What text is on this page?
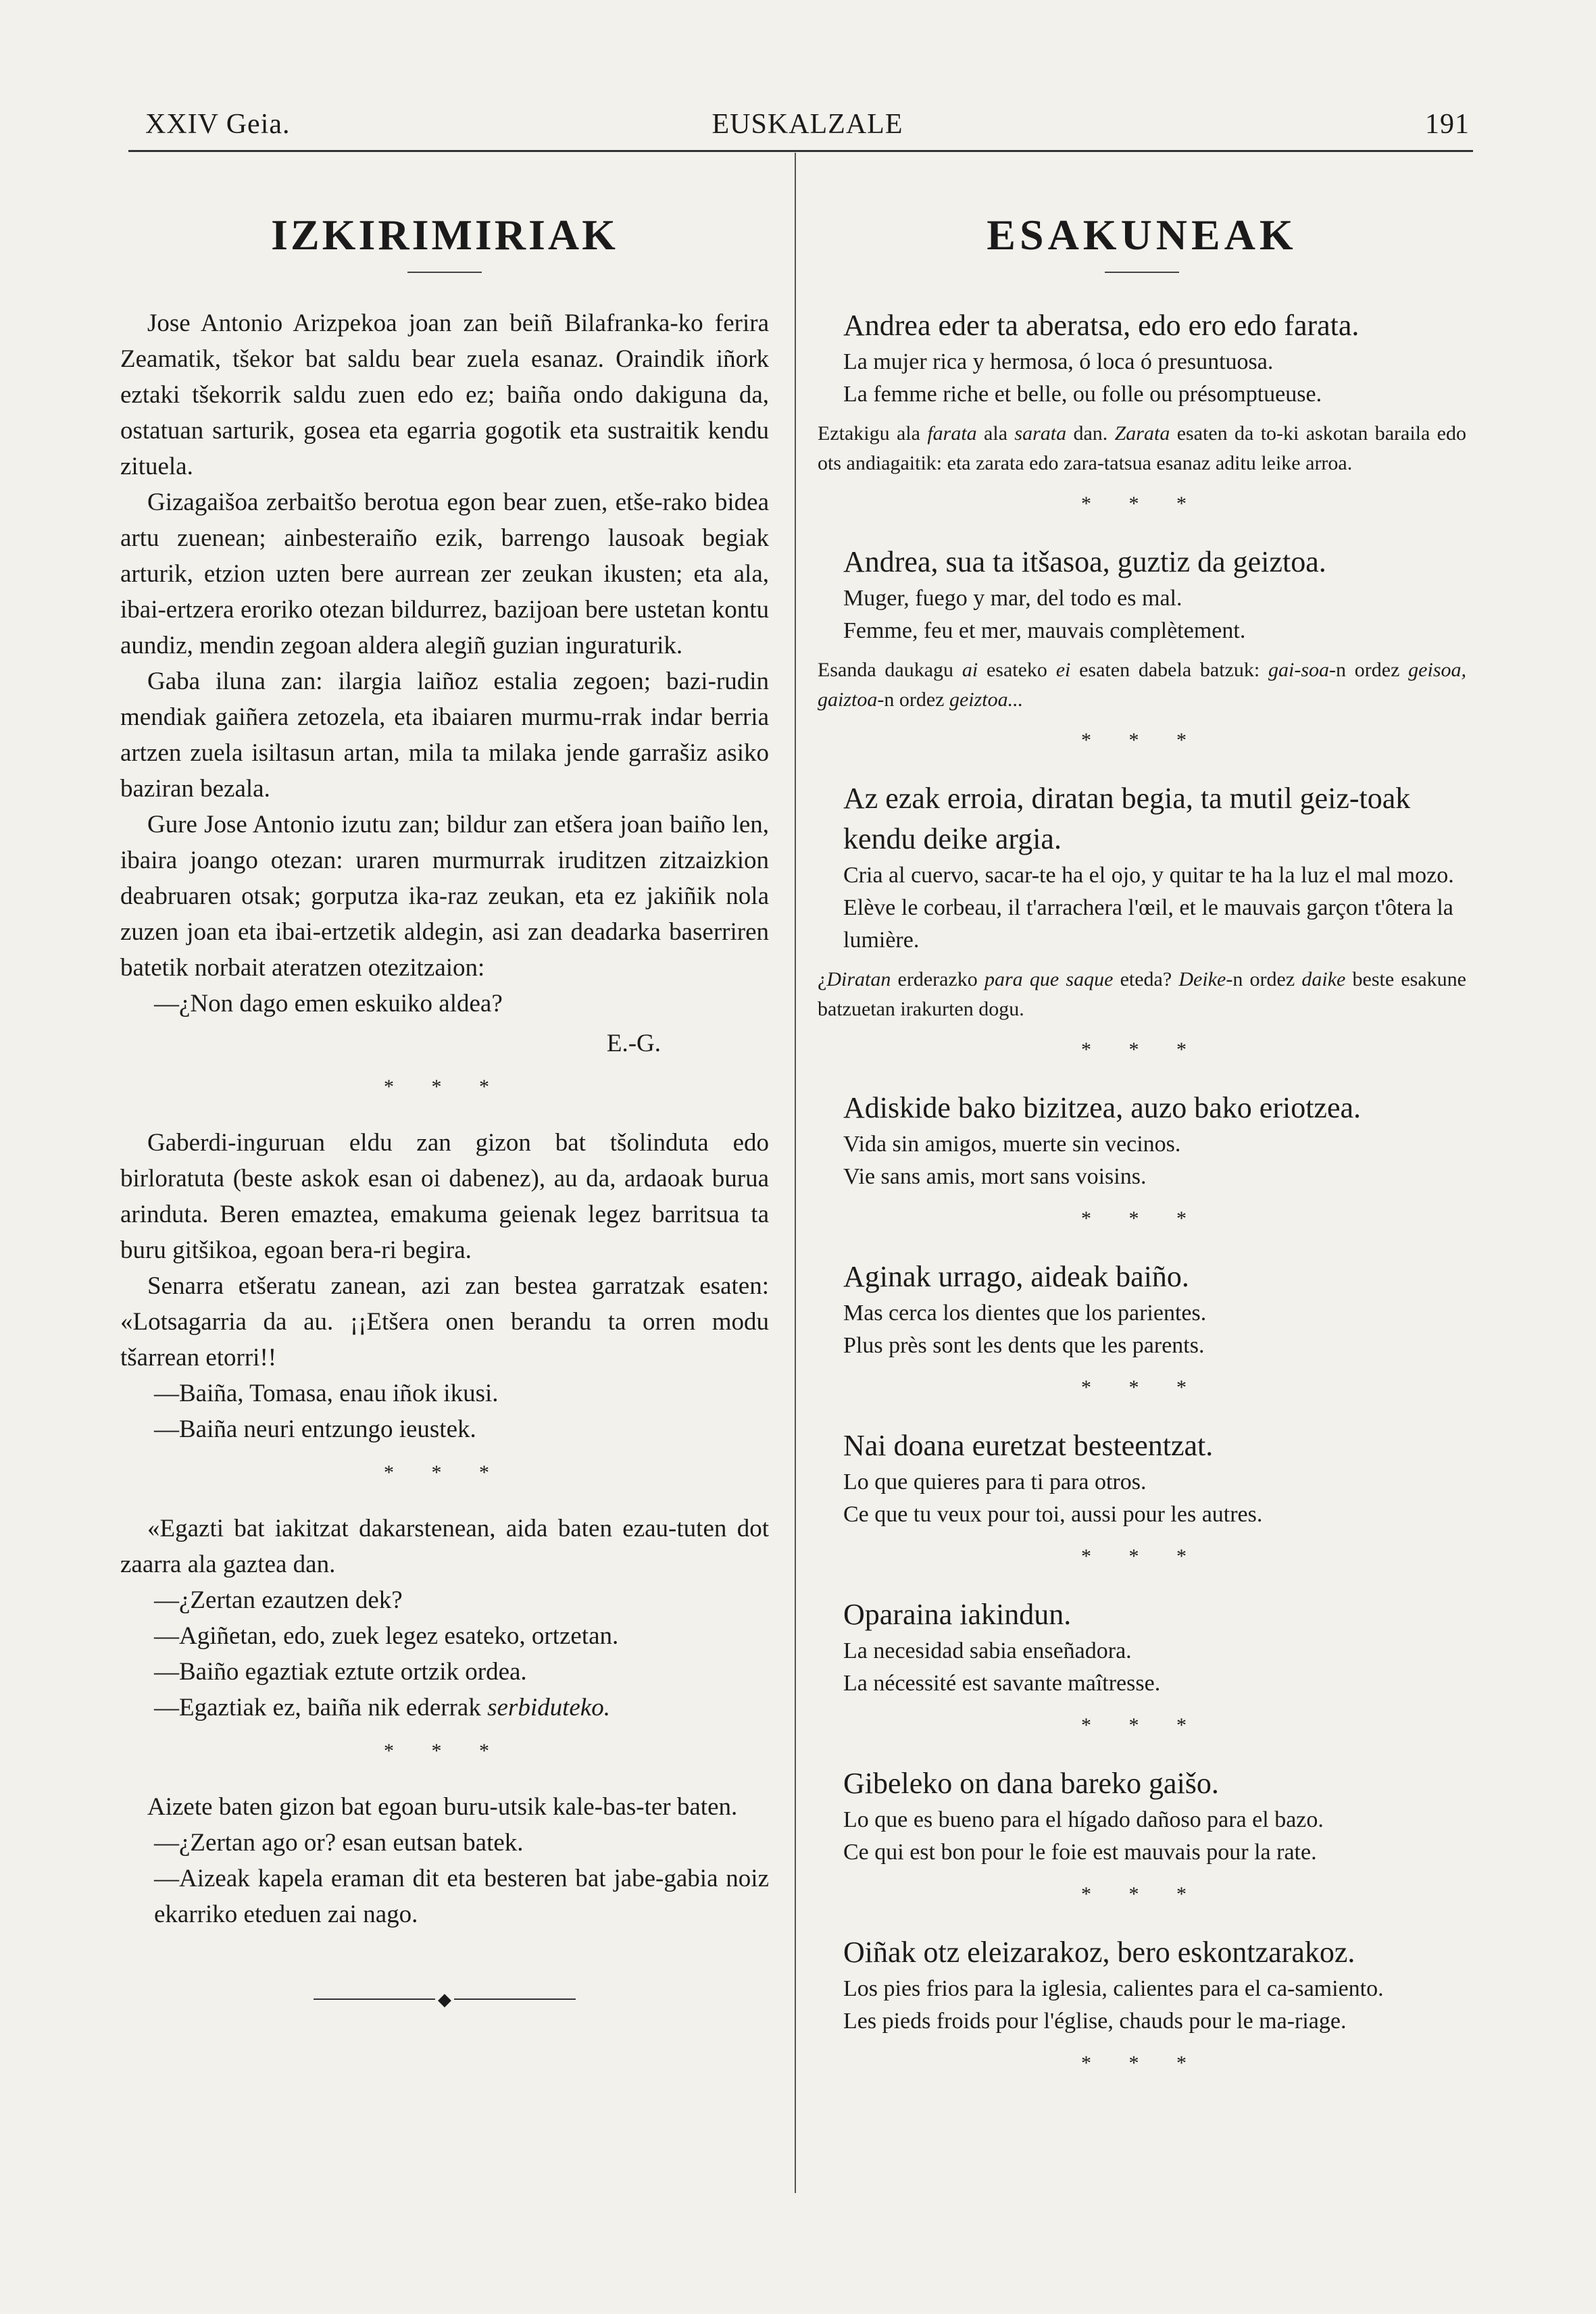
XXIV Geia.	EUSKALZALE	191
IZKIRIMIRIAK

Jose Antonio Arizpekoa joan zan beiñ Bilafranka-ko ferira Zeamatik, tšekor bat saldu bear zuela esanaz. Oraindik iñork eztaki tšekorrik saldu zuen edo ez; baiña ondo dakiguna da, ostatuan sarturik, gosea eta egarria gogotik eta sustraitik kendu zituela.

Gizagaišoa zerbaitšo berotua egon bear zuen, etše-rako bidea artu zuenean; ainbesteraiño ezik, barrengo lausoak begiak arturik, etzion uzten bere aurrean zer zeukan ikusten; eta ala, ibai-ertzera eroriko otezan bildurrez, bazijoan bere ustetan kontu aundiz, mendin zegoan aldera alegiñ guzian inguraturik.

Gaba iluna zan: ilargia laiñoz estalia zegoen; bazi-rudin mendiak gaiñera zetozela, eta ibaiaren murmu-rrak indar berria artzen zuela isiltasun artan, mila ta milaka jende garrašiz asiko baziran bezala.

Gure Jose Antonio izutu zan; bildur zan etšera joan baiño len, ibaira joango otezan: uraren murmurrak iruditzen zitzaizkion deabruaren otsak; gorputza ika-raz zeukan, eta ez jakiñik nola zuzen joan eta ibai-ertzetik aldegin, asi zan deadarka baserriren batetik norbait ateratzen otezitzaion:

—¿Non dago emen eskuiko aldea?

E.-G.

* * *

Gaberdi-inguruan eldu zan gizon bat tšolinduta edo birloratuta (beste askok esan oi dabenez), au da, ardaoak burua arinduta. Beren emaztea, emakuma geienak legez barritsua ta buru gitšikoa, egoan bera-ri begira.

Senarra etšeratu zanean, azi zan bestea garratzak esaten: «Lotsagarria da au. ¡¡Etšera onen berandu ta orren modu tšarrean etorri!!

—Baiña, Tomasa, enau iñok ikusi.

—Baiña neuri entzungo ieustek.

* * *

«Egazti bat iakitzat dakarstenean, aida baten ezau-tuten dot zaarra ala gaztea dan.

—¿Zertan ezautzen dek?

—Agiñetan, edo, zuek legez esateko, ortzetan.

—Baiño egaztiak eztute ortzik ordea.

—Egaztiak ez, baiña nik ederrak serbiduteko.

* * *

Aizete baten gizon bat egoan buru-utsik kale-bas-ter baten.

—¿Zertan ago or? esan eutsan batek.

—Aizeak kapela eraman dit eta besteren bat jabe-gabia noiz ekarriko eteduen zai nago.

◆
ESAKUNEAK

Andrea eder ta aberatsa, edo ero edo farata.

La mujer rica y hermosa, ó loca ó presuntuosa.

La femme riche et belle, ou folle ou présomptueuse.

Eztakigu ala farata ala sarata dan. Zarata esaten da to-ki askotan baraila edo ots andiagaitik: eta zarata edo zara-tatsua esanaz aditu leike arroa.

* * *

Andrea, sua ta itšasoa, guztiz da geiztoa.

Muger, fuego y mar, del todo es mal.

Femme, feu et mer, mauvais complètement.

Esanda daukagu ai esateko ei esaten dabela batzuk: gai-soa-n ordez geisoa, gaiztoa-n ordez geiztoa...

* * *

Az ezak erroia, diratan begia, ta mutil geiz-toak kendu deike argia.

Cria al cuervo, sacar-te ha el ojo, y quitar te ha la luz el mal mozo.

Elève le corbeau, il t'arrachera l'œil, et le mauvais garçon t'ôtera la lumière.

¿Diratan erderazko para que saque eteda? Deike-n ordez daike beste esakune batzuetan irakurten dogu.

* * *

Adiskide bako bizitzea, auzo bako eriotzea.

Vida sin amigos, muerte sin vecinos.

Vie sans amis, mort sans voisins.

* * *

Aginak urrago, aideak baiño.

Mas cerca los dientes que los parientes.

Plus près sont les dents que les parents.

* * *

Nai doana euretzat besteentzat.

Lo que quieres para ti para otros.

Ce que tu veux pour toi, aussi pour les autres.

* * *

Oparaina iakindun.

La necesidad sabia enseñadora.

La nécessité est savante maîtresse.

* * *

Gibeleko on dana bareko gaišo.

Lo que es bueno para el hígado dañoso para el bazo.

Ce qui est bon pour le foie est mauvais pour la rate.

* * *

Oiñak otz eleizarakoz, bero eskontzarakoz.

Los pies frios para la iglesia, calientes para el ca-samiento.

Les pieds froids pour l'église, chauds pour le ma-riage.

* * *
